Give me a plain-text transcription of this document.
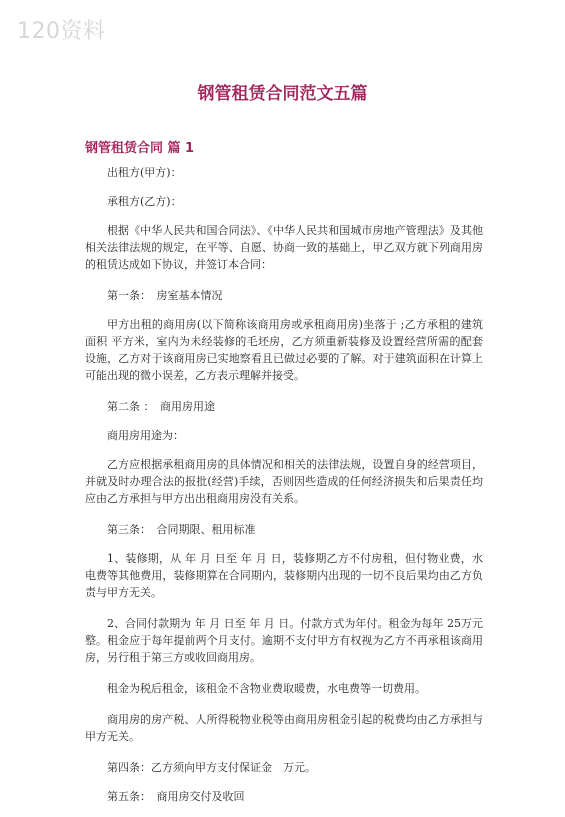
120资料
钢管租赁合同范文五篇
钢管租赁合同 篇 1

出租方(甲方)：

承租方(乙方)：

根据《中华人民共和国合同法》、《中华人民共和国城市房地产管理法》及其他相关法律法规的规定，在平等、自愿、协商一致的基础上，甲乙双方就下列商用房的租赁达成如下协议，并签订本合同：

第一条：　房室基本情况

甲方出租的商用房(以下简称该商用房或承租商用房)坐落于 ;乙方承租的建筑面积 平方米，室内为未经装修的毛坯房，乙方须重新装修及设置经营所需的配套设施，乙方对于该商用房已实地察看且已做过必要的了解。对于建筑面积在计算上可能出现的微小误差，乙方表示理解并接受。

第二条 ：　商用房用途

商用房用途为：

乙方应根据承租商用房的具体情况和相关的法律法规，设置自身的经营项目，并就及时办理合法的报批(经营)手续，否则因些造成的任何经济损失和后果责任均应由乙方承担与甲方出出租商用房没有关系。

第三条：　合同期限、租用标准

1、装修期，从 年 月 日至 年 月 日，装修期乙方不付房租，但付物业费，水电费等其他费用，装修期算在合同期内，装修期内出现的一切不良后果均由乙方负责与甲方无关。

2、合同付款期为 年 月 日至 年 月 日。付款方式为年付。租金为每年 25万元整。租金应于每年提前两个月支付。逾期不支付甲方有权视为乙方不再承租该商用房，另行租于第三方或收回商用房。

租金为税后租金，该租金不含物业费取暖费，水电费等一切费用。

商用房的房产税、人所得税物业税等由商用房租金引起的税费均由乙方承担与甲方无关。

第四条：乙方须向甲方支付保证金　万元。

第五条：　商用房交付及收回
